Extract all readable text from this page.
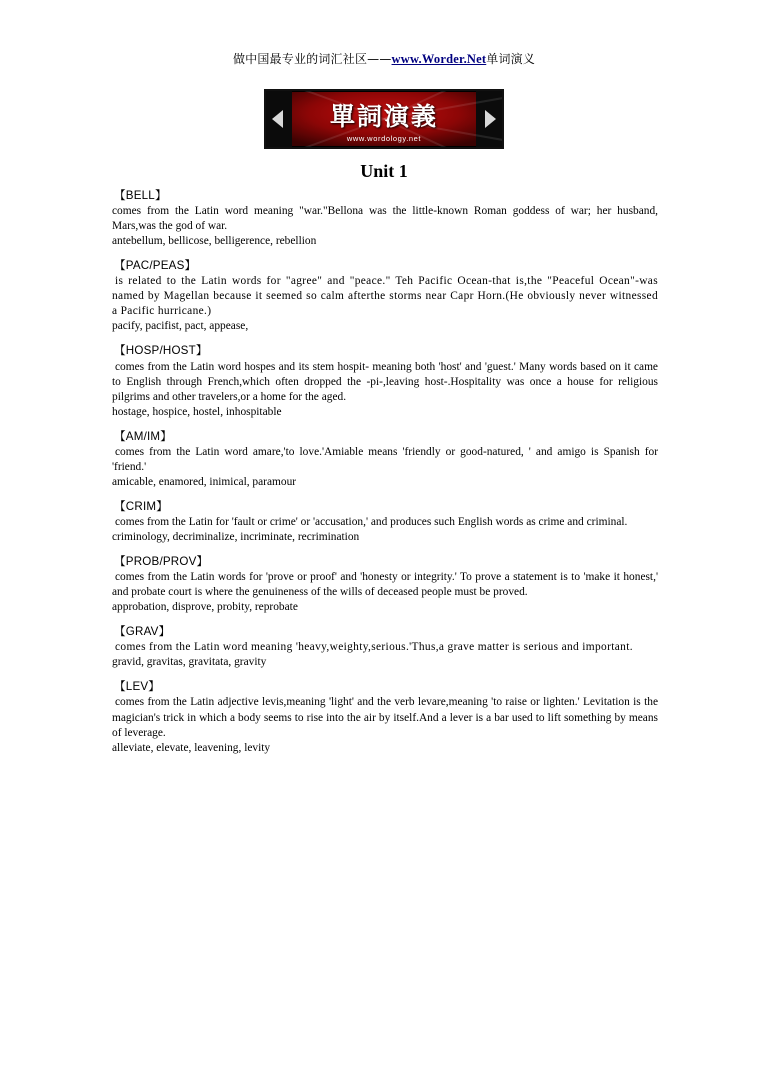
做中国最专业的词汇社区——www.Worder.Net单词演义
單詞演義
www.wordology.net
Unit 1
【BELL】
comes from the Latin word meaning "war."Bellona was the little-known Roman goddess of war; her husband, Mars,was the god of war.
antebellum, bellicose, belligerence, rebellion
【PAC/PEAS】
is related to the Latin words for "agree" and "peace." Teh Pacific Ocean-that is,the "Peaceful Ocean"-was named by Magellan because it seemed so calm afterthe storms near Capr Horn.(He obviously never witnessed a Pacific hurricane.)
pacify, pacifist, pact, appease,
【HOSP/HOST】
comes from the Latin word hospes and its stem hospit- meaning both 'host' and 'guest.' Many words based on it came to English through French,which often dropped the -pi-,leaving host-.Hospitality was once a house for religious pilgrims and other travelers,or a home for the aged.
hostage, hospice, hostel, inhospitable
【AM/IM】
comes from the Latin word amare,'to love.'Amiable means 'friendly or good-natured, ' and amigo is Spanish for 'friend.'
amicable, enamored, inimical, paramour
【CRIM】
comes from the Latin for 'fault or crime' or 'accusation,' and produces such English words as crime and criminal.
criminology, decriminalize, incriminate, recrimination
【PROB/PROV】
comes from the Latin words for 'prove or proof' and 'honesty or integrity.' To prove a statement is to 'make it honest,' and probate court is where the genuineness of the wills of deceased people must be proved.
approbation, disprove, probity, reprobate
【GRAV】
comes from the Latin word meaning 'heavy,weighty,serious.'Thus,a grave matter is serious and important.
gravid, gravitas, gravitata, gravity
【LEV】
comes from the Latin adjective levis,meaning 'light' and the verb levare,meaning 'to raise or lighten.' Levitation is the magician's trick in which a body seems to rise into the air by itself.And a lever is a bar used to lift something by means of leverage.
alleviate, elevate, leavening, levity
